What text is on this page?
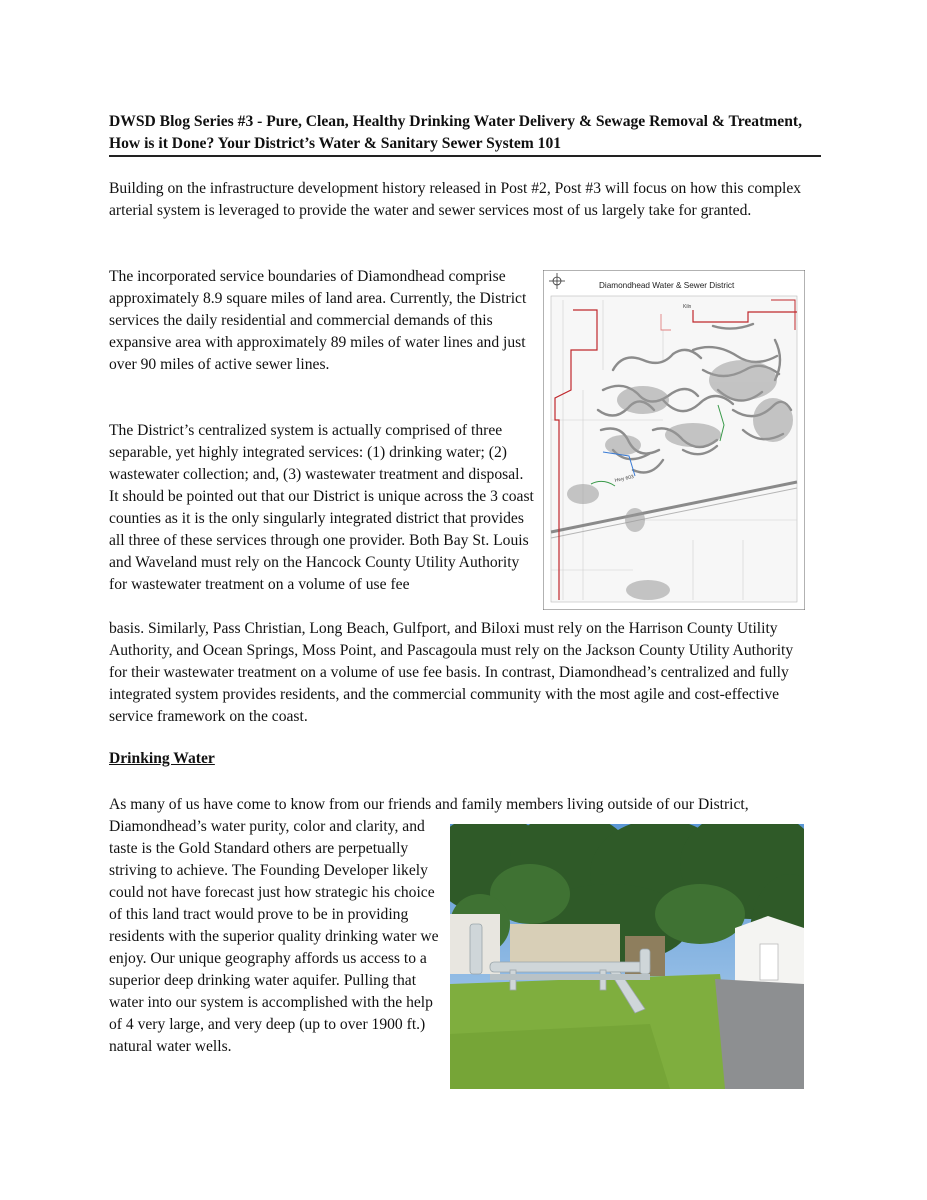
DWSD Blog Series #3 - Pure, Clean, Healthy Drinking Water Delivery & Sewage Removal & Treatment, How is it Done? Your District’s Water & Sanitary Sewer System 101

Building on the infrastructure development history released in Post #2, Post #3 will focus on how this complex arterial system is leveraged to provide the water and sewer services most of us largely take for granted.

The incorporated service boundaries of Diamondhead comprise approximately 8.9 square miles of land area. Currently, the District services the daily residential and commercial demands of this expansive area with approximately 89 miles of water lines and just over 90 miles of active sewer lines.

The District’s centralized system is actually comprised of three separable, yet highly integrated services: (1) drinking water; (2) wastewater collection; and, (3) wastewater treatment and disposal. It should be pointed out that our District is unique across the 3 coast counties as it is the only singularly integrated district that provides all three of these services through one provider. Both Bay St. Louis and Waveland must rely on the Hancock County Utility Authority for wastewater treatment on a volume of use fee

basis. Similarly, Pass Christian, Long Beach, Gulfport, and Biloxi must rely on the Harrison County Utility Authority, and Ocean Springs, Moss Point, and Pascagoula must rely on the Jackson County Utility Authority for their wastewater treatment on a volume of use fee basis. In contrast, Diamondhead’s centralized and fully integrated system provides residents, and the commercial community with the most agile and cost-effective service framework on the coast.

Drinking Water

As many of us have come to know from our friends and family members living outside of our District,

Diamondhead’s water purity, color and clarity, and taste is the Gold Standard others are perpetually striving to achieve. The Founding Developer likely could not have forecast just how strategic his choice of this land tract would prove to be in providing residents with the superior quality drinking water we enjoy. Our unique geography affords us access to a superior deep drinking water aquifer. Pulling that water into our system is accomplished with the help of 4 very large, and very deep (up to over 1900 ft.) natural water wells.

Diamondhead Water & Sewer District
Hwy 603
Kiln
